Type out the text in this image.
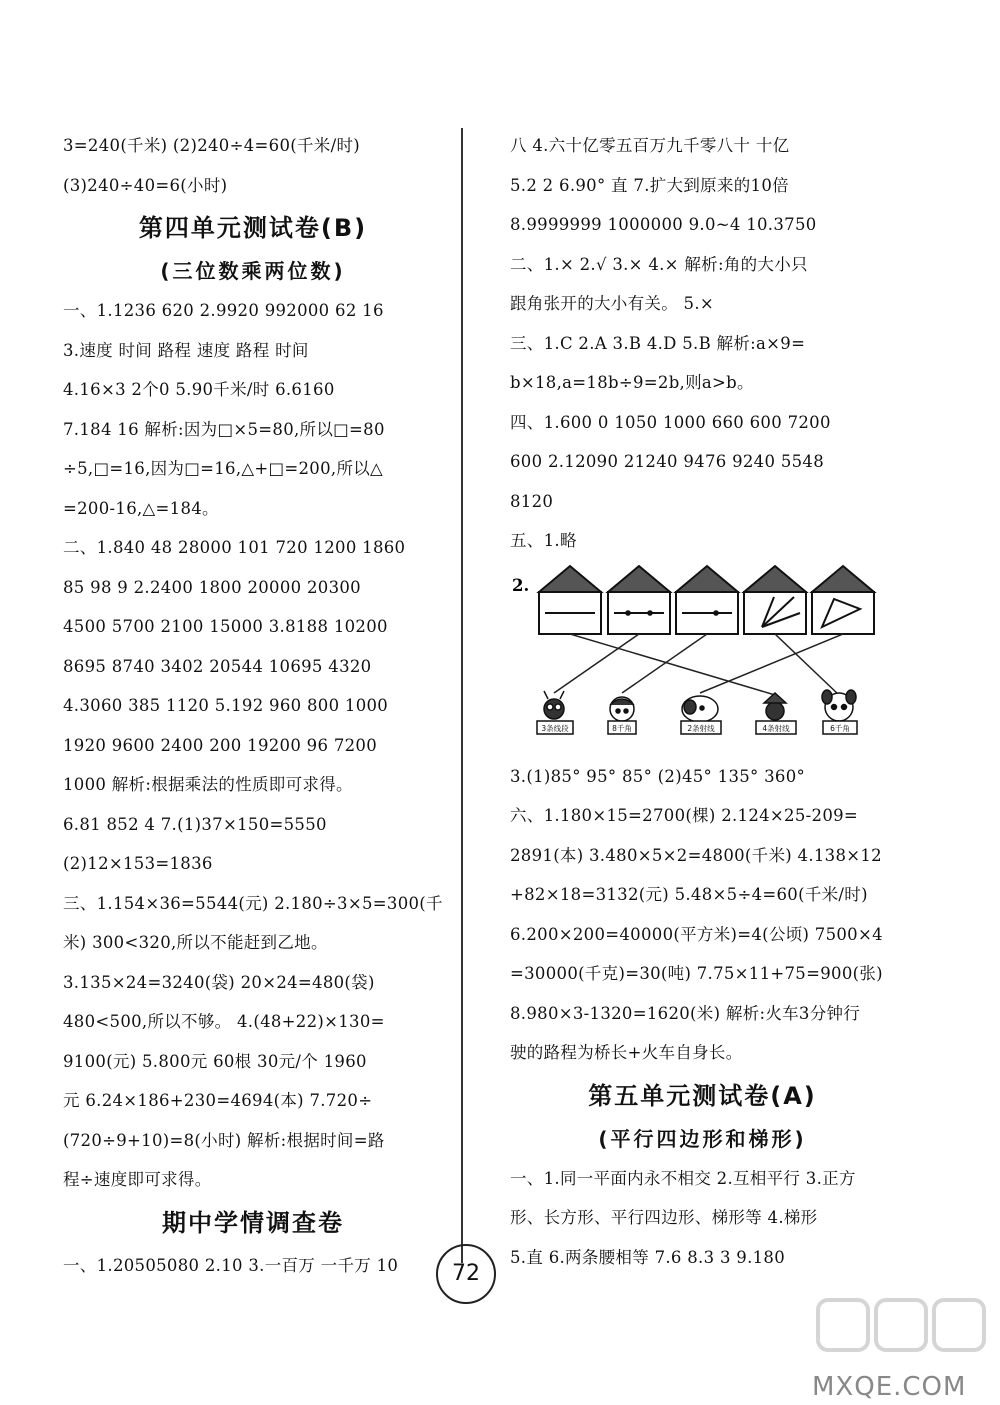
3=240(千米) (2)240÷4=60(千米/时)
(3)240÷40=6(小时)
第四单元测试卷(B)
(三位数乘两位数)
一、1.1236 620 2.9920 992000 62 16
3.速度 时间 路程 速度 路程 时间
4.16×3 2个0 5.90千米/时 6.6160
7.184 16 解析:因为□×5=80,所以□=80
÷5,□=16,因为□=16,△+□=200,所以△
=200-16,△=184。
二、1.840 48 28000 101 720 1200 1860
85 98 9 2.2400 1800 20000 20300
4500 5700 2100 15000 3.8188 10200
8695 8740 3402 20544 10695 4320
4.3060 385 1120 5.192 960 800 1000
1920 9600 2400 200 19200 96 7200
1000 解析:根据乘法的性质即可求得。
6.81 852 4 7.(1)37×150=5550
(2)12×153=1836
三、1.154×36=5544(元) 2.180÷3×5=300(千
米) 300<320,所以不能赶到乙地。
3.135×24=3240(袋) 20×24=480(袋)
480<500,所以不够。 4.(48+22)×130=
9100(元) 5.800元 60根 30元/个 1960
元 6.24×186+230=4694(本) 7.720÷
(720÷9+10)=8(小时) 解析:根据时间=路
程÷速度即可求得。
期中学情调查卷
一、1.20505080 2.10 3.一百万 一千万 10
八 4.六十亿零五百万九千零八十 十亿
5.2 2 6.90° 直 7.扩大到原来的10倍
8.9999999 1000000 9.0~4 10.3750
二、1.× 2.√ 3.× 4.× 解析:角的大小只
跟角张开的大小有关。 5.×
三、1.C 2.A 3.B 4.D 5.B 解析:a×9=
b×18,a=18b÷9=2b,则a>b。
四、1.600 0 1050 1000 660 600 7200
600 2.12090 21240 9476 9240 5548
8120
五、1.略
2.
3条线段	8千角	2条射线	4条射线	6千角
3.(1)85° 95° 85° (2)45° 135° 360°
六、1.180×15=2700(棵) 2.124×25-209=
2891(本) 3.480×5×2=4800(千米) 4.138×12
+82×18=3132(元) 5.48×5÷4=60(千米/时)
6.200×200=40000(平方米)=4(公顷) 7500×4
=30000(千克)=30(吨) 7.75×11+75=900(张)
8.980×3-1320=1620(米) 解析:火车3分钟行
驶的路程为桥长+火车自身长。
第五单元测试卷(A)
(平行四边形和梯形)
一、1.同一平面内永不相交 2.互相平行 3.正方
形、长方形、平行四边形、梯形等 4.梯形
5.直 6.两条腰相等 7.6 8.3 3 9.180
72
MXQE.COM
